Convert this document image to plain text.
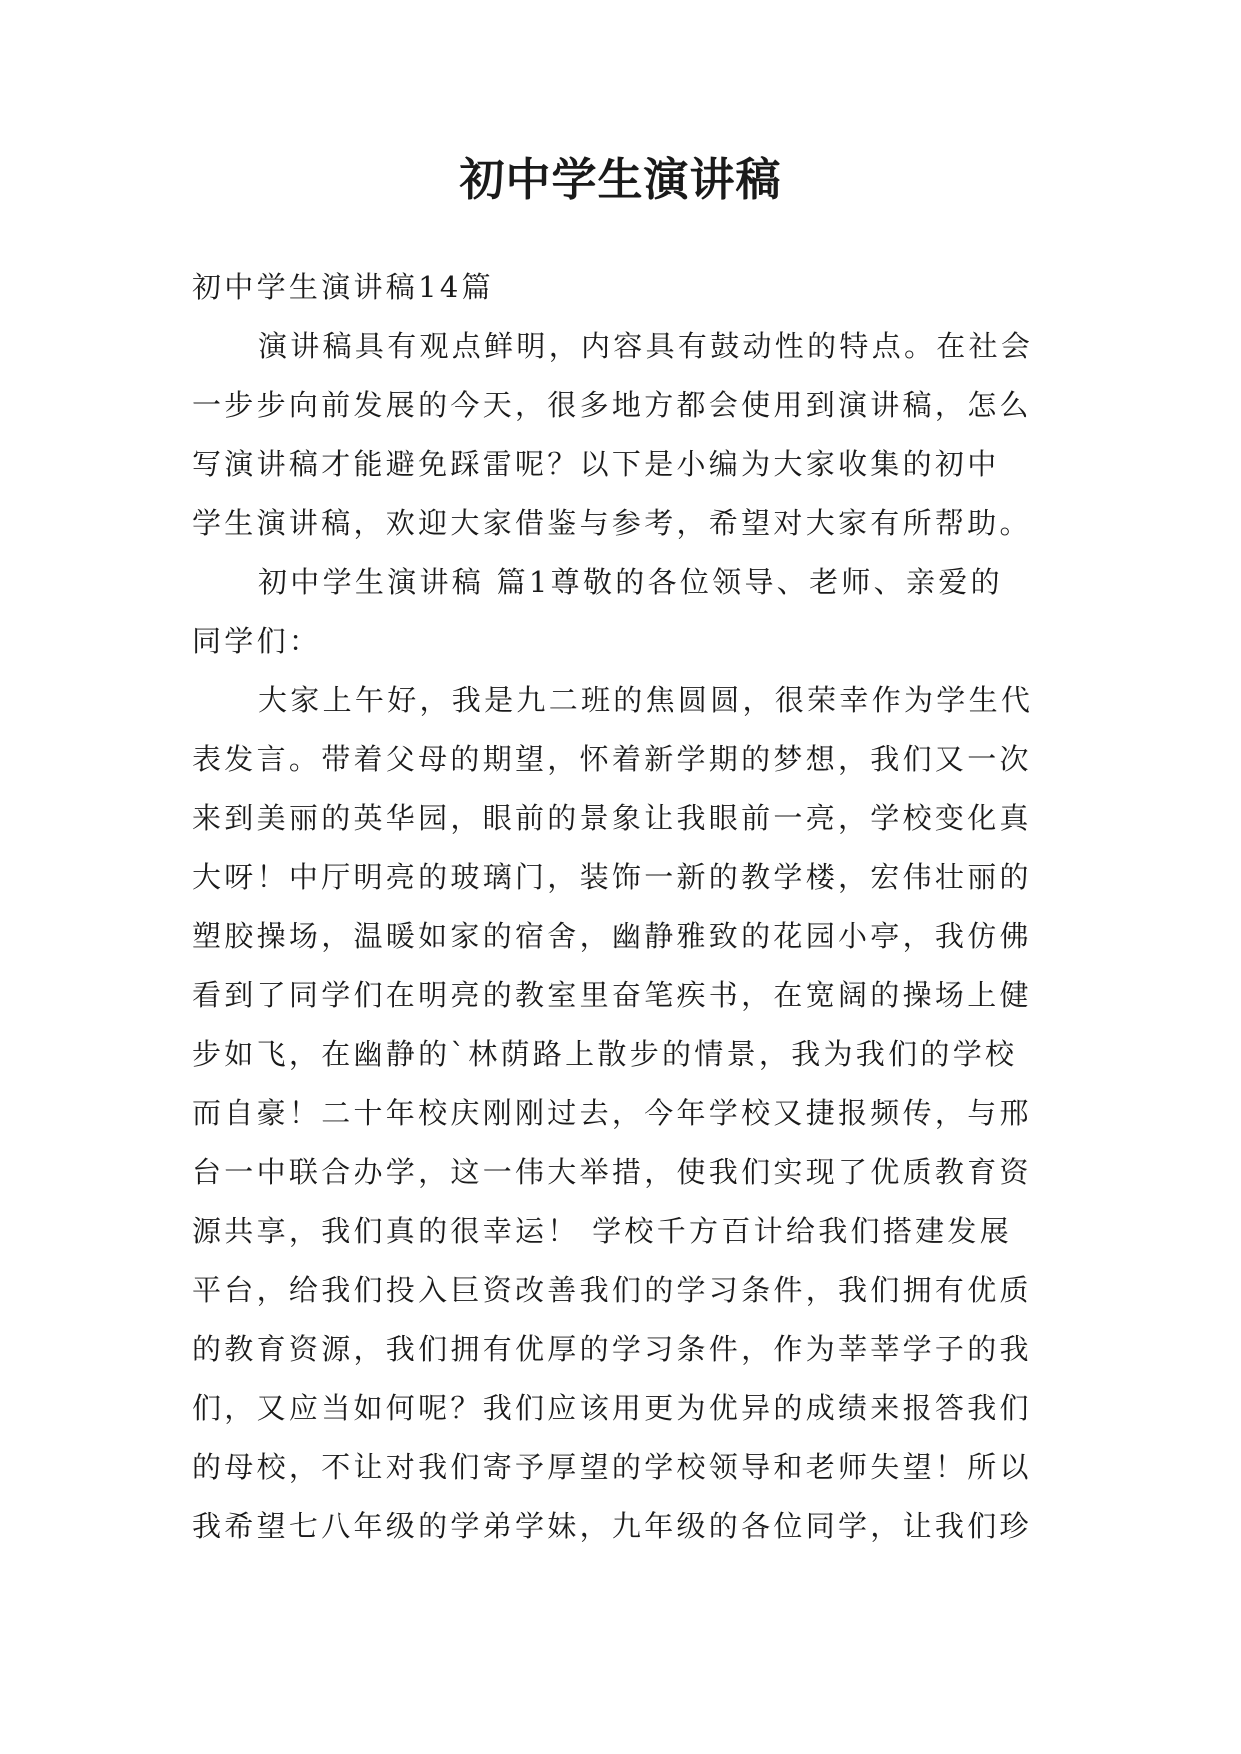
初中学生演讲稿
初中学生演讲稿14篇
演讲稿具有观点鲜明，内容具有鼓动性的特点。在社会
一步步向前发展的今天，很多地方都会使用到演讲稿，怎么
写演讲稿才能避免踩雷呢？以下是小编为大家收集的初中
学生演讲稿，欢迎大家借鉴与参考，希望对大家有所帮助。
初中学生演讲稿 篇1尊敬的各位领导、老师、亲爱的
同学们：
大家上午好，我是九二班的焦圆圆，很荣幸作为学生代
表发言。带着父母的期望，怀着新学期的梦想，我们又一次
来到美丽的英华园，眼前的景象让我眼前一亮，学校变化真
大呀！中厅明亮的玻璃门，装饰一新的教学楼，宏伟壮丽的
塑胶操场，温暖如家的宿舍，幽静雅致的花园小亭，我仿佛
看到了同学们在明亮的教室里奋笔疾书，在宽阔的操场上健
步如飞，在幽静的`林荫路上散步的情景，我为我们的学校
而自豪！二十年校庆刚刚过去，今年学校又捷报频传，与邢
台一中联合办学，这一伟大举措，使我们实现了优质教育资
源共享，我们真的很幸运！ 学校千方百计给我们搭建发展
平台，给我们投入巨资改善我们的学习条件，我们拥有优质
的教育资源，我们拥有优厚的学习条件，作为莘莘学子的我
们，又应当如何呢？我们应该用更为优异的成绩来报答我们
的母校，不让对我们寄予厚望的学校领导和老师失望！所以
我希望七八年级的学弟学妹，九年级的各位同学，让我们珍
